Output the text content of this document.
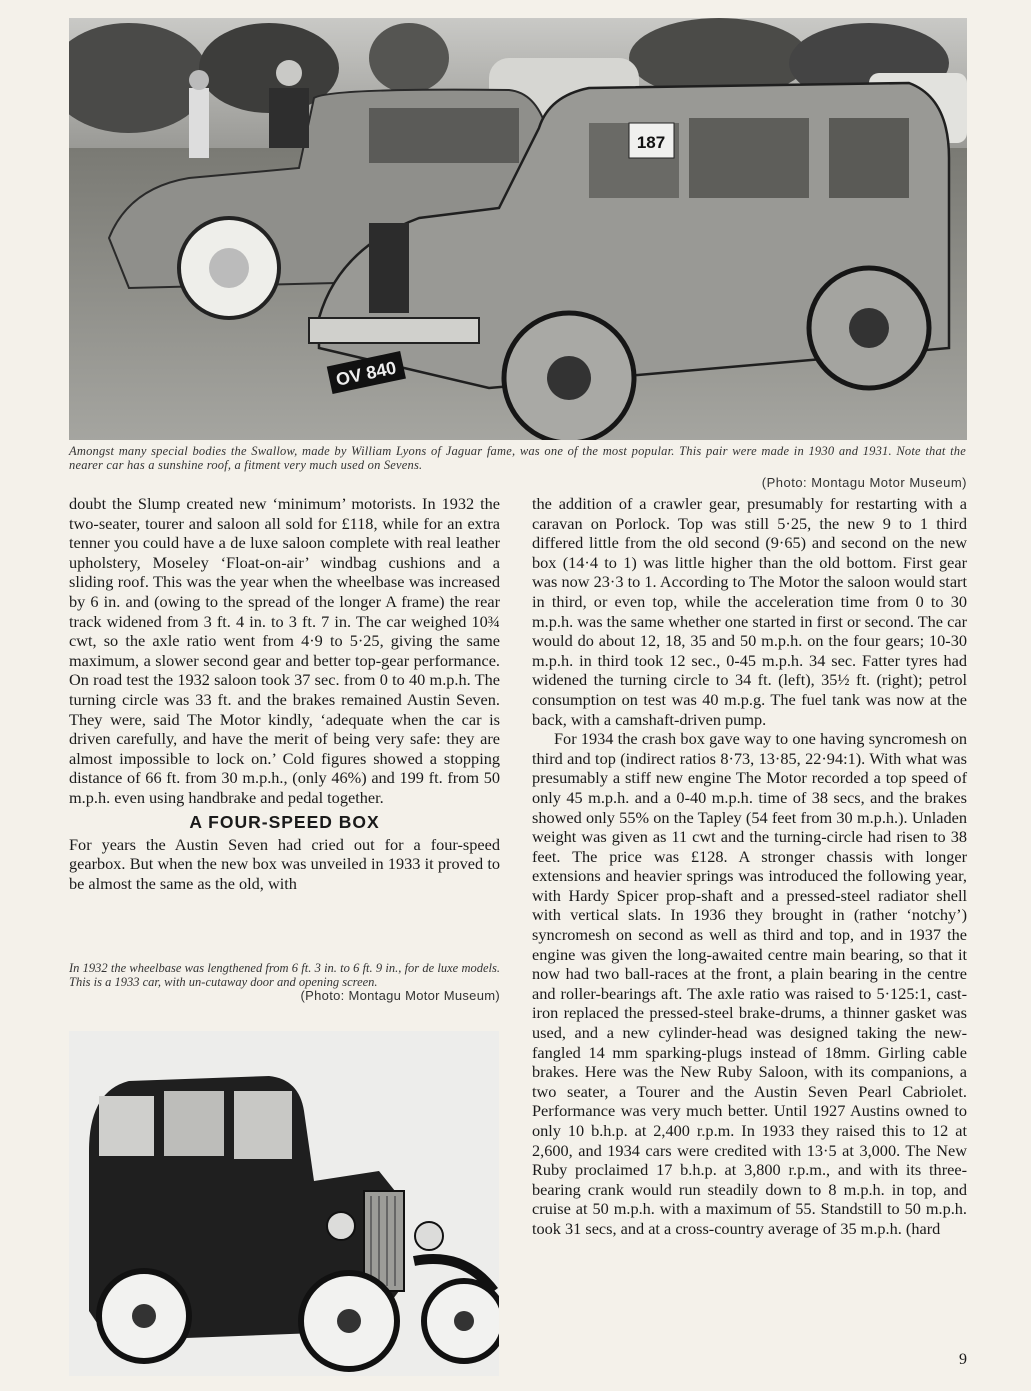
OV 840
187
Amongst many special bodies the Swallow, made by William Lyons of Jaguar fame, was one of the most popular. This pair were made in 1930 and 1931. Note that the nearer car has a sunshine roof, a fitment very much used on Sevens.
(Photo: Montagu Motor Museum)

doubt the Slump created new ‘minimum’ motorists. In 1932 the two-seater, tourer and saloon all sold for £118, while for an extra tenner you could have a de luxe saloon complete with real leather upholstery, Moseley ‘Float-on-air’ windbag cushions and a sliding roof. This was the year when the wheelbase was increased by 6 in. and (owing to the spread of the longer A frame) the rear track widened from 3 ft. 4 in. to 3 ft. 7 in. The car weighed 10¾ cwt, so the axle ratio went from 4·9 to 5·25, giving the same maximum, a slower second gear and better top-gear performance. On road test the 1932 saloon took 37 sec. from 0 to 40 m.p.h. The turning circle was 33 ft. and the brakes remained Austin Seven. They were, said The Motor kindly, ‘adequate when the car is driven carefully, and have the merit of being very safe: they are almost impossible to lock on.’ Cold figures showed a stopping distance of 66 ft. from 30 m.p.h., (only 46%) and 199 ft. from 50 m.p.h. even using handbrake and pedal together.

A FOUR-SPEED BOX

For years the Austin Seven had cried out for a four-speed gearbox. But when the new box was unveiled in 1933 it proved to be almost the same as the old, with

In 1932 the wheelbase was lengthened from 6 ft. 3 in. to 6 ft. 9 in., for de luxe models. This is a 1933 car, with un-cutaway door and opening screen.
(Photo: Montagu Motor Museum)

the addition of a crawler gear, presumably for restarting with a caravan on Porlock. Top was still 5·25, the new 9 to 1 third differed little from the old second (9·65) and second on the new box (14·4 to 1) was little higher than the old bottom. First gear was now 23·3 to 1. According to The Motor the saloon would start in third, or even top, while the acceleration time from 0 to 30 m.p.h. was the same whether one started in first or second. The car would do about 12, 18, 35 and 50 m.p.h. on the four gears; 10-30 m.p.h. in third took 12 sec., 0-45 m.p.h. 34 sec. Fatter tyres had widened the turning circle to 34 ft. (left), 35½ ft. (right); petrol consumption on test was 40 m.p.g. The fuel tank was now at the back, with a camshaft-driven pump.

For 1934 the crash box gave way to one having syncromesh on third and top (indirect ratios 8·73, 13·85, 22·94:1). With what was presumably a stiff new engine The Motor recorded a top speed of only 45 m.p.h. and a 0-40 m.p.h. time of 38 secs, and the brakes showed only 55% on the Tapley (54 feet from 30 m.p.h.). Unladen weight was given as 11 cwt and the turning-circle had risen to 38 feet. The price was £128. A stronger chassis with longer extensions and heavier springs was introduced the following year, with Hardy Spicer prop-shaft and a pressed-steel radiator shell with vertical slats. In 1936 they brought in (rather ‘notchy’) syncromesh on second as well as third and top, and in 1937 the engine was given the long-awaited centre main bearing, so that it now had two ball-races at the front, a plain bearing in the centre and roller-bearings aft. The axle ratio was raised to 5·125:1, cast-iron replaced the pressed-steel brake-drums, a thinner gasket was used, and a new cylinder-head was designed taking the new-fangled 14 mm sparking-plugs instead of 18mm. Girling cable brakes. Here was the New Ruby Saloon, with its companions, a two seater, a Tourer and the Austin Seven Pearl Cabriolet. Performance was very much better. Until 1927 Austins owned to only 10 b.h.p. at 2,400 r.p.m. In 1933 they raised this to 12 at 2,600, and 1934 cars were credited with 13·5 at 3,000. The New Ruby proclaimed 17 b.h.p. at 3,800 r.p.m., and with its three-bearing crank would run steadily down to 8 m.p.h. in top, and cruise at 50 m.p.h. with a maximum of 55. Standstill to 50 m.p.h. took 31 secs, and at a cross-country average of 35 m.p.h. (hard

9
